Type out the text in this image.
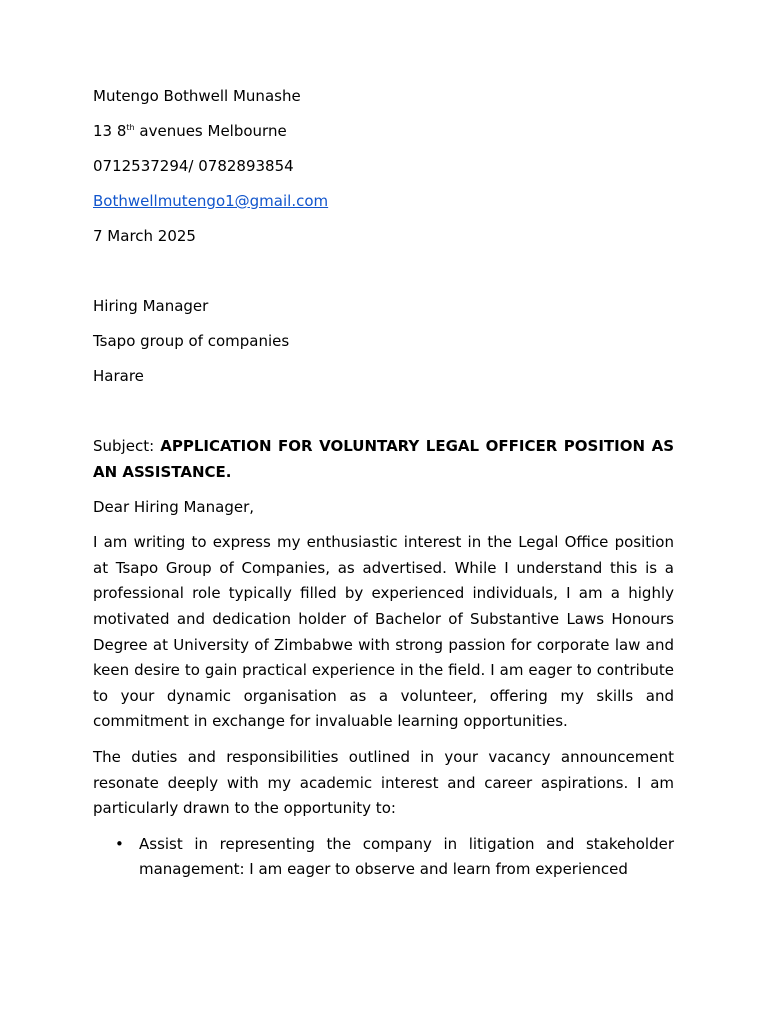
Mutengo Bothwell Munashe

13 8th avenues Melbourne

0712537294/ 0782893854

Bothwellmutengo1@gmail.com

7 March 2025

Hiring Manager

Tsapo group of companies

Harare

Subject: APPLICATION FOR VOLUNTARY LEGAL OFFICER POSITION AS AN ASSISTANCE.

Dear Hiring Manager,

I am writing to express my enthusiastic interest in the Legal Office position at Tsapo Group of Companies, as advertised. While I understand this is a professional role typically filled by experienced individuals, I am a highly motivated and dedication holder of Bachelor of Substantive Laws Honours Degree at University of Zimbabwe with strong passion for corporate law and keen desire to gain practical experience in the field. I am eager to contribute to your dynamic organisation as a volunteer, offering my skills and commitment in exchange for invaluable learning opportunities.

The duties and responsibilities outlined in your vacancy announcement resonate deeply with my academic interest and career aspirations. I am particularly drawn to the opportunity to:

• Assist in representing the company in litigation and stakeholder management: I am eager to observe and learn from experienced
